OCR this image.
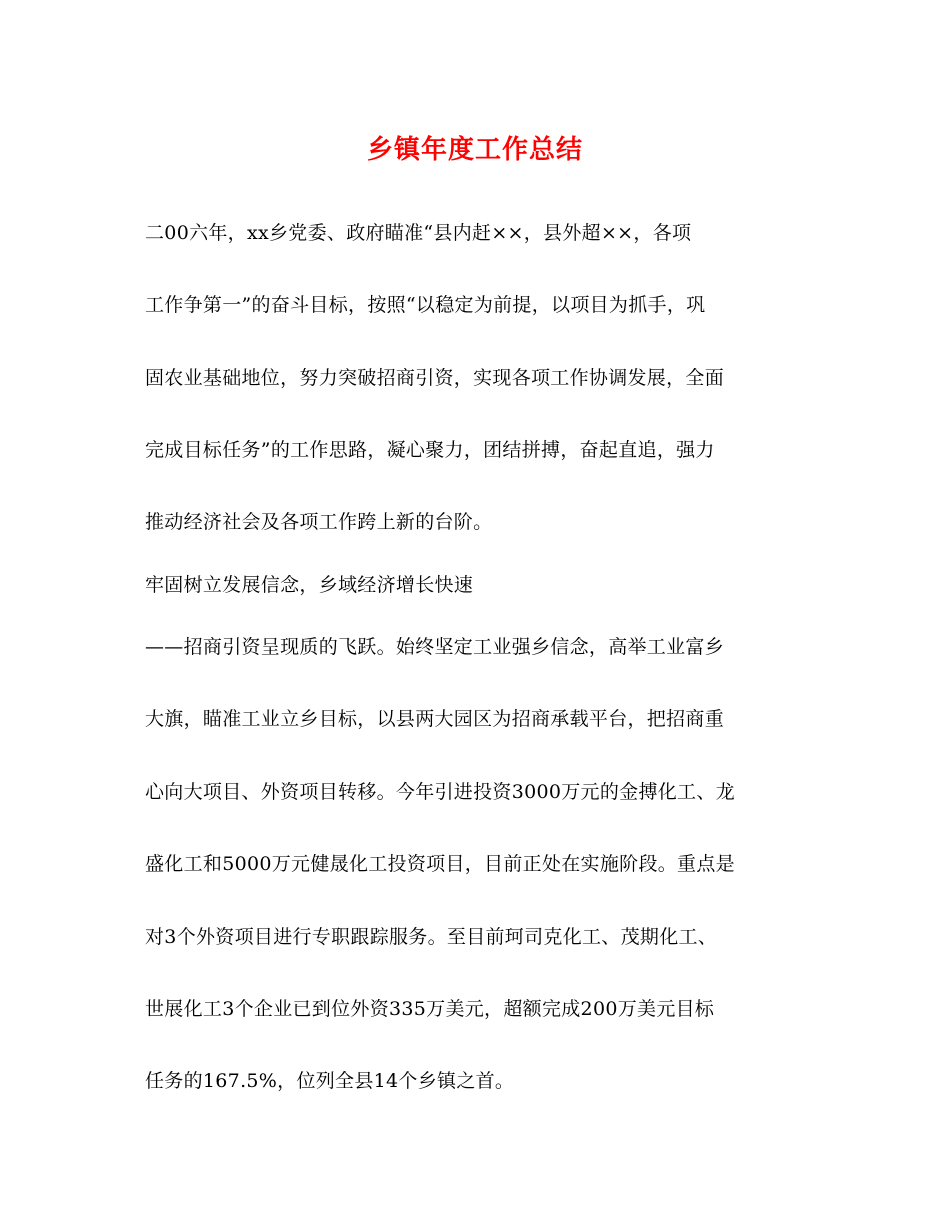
乡镇年度工作总结
二00六年，xx乡党委、政府瞄准“县内赶××，县外超××，各项
工作争第一”的奋斗目标，按照“以稳定为前提，以项目为抓手，巩
固农业基础地位，努力突破招商引资，实现各项工作协调发展，全面
完成目标任务”的工作思路，凝心聚力，团结拼搏，奋起直追，强力
推动经济社会及各项工作跨上新的台阶。
牢固树立发展信念，乡域经济增长快速
——招商引资呈现质的飞跃。始终坚定工业强乡信念，高举工业富乡
大旗，瞄准工业立乡目标，以县两大园区为招商承载平台，把招商重
心向大项目、外资项目转移。今年引进投资3000万元的金搏化工、龙
盛化工和5000万元健晟化工投资项目，目前正处在实施阶段。重点是
对3个外资项目进行专职跟踪服务。至目前珂司克化工、茂期化工、
世展化工3个企业已到位外资335万美元，超额完成200万美元目标
任务的167.5%，位列全县14个乡镇之首。
